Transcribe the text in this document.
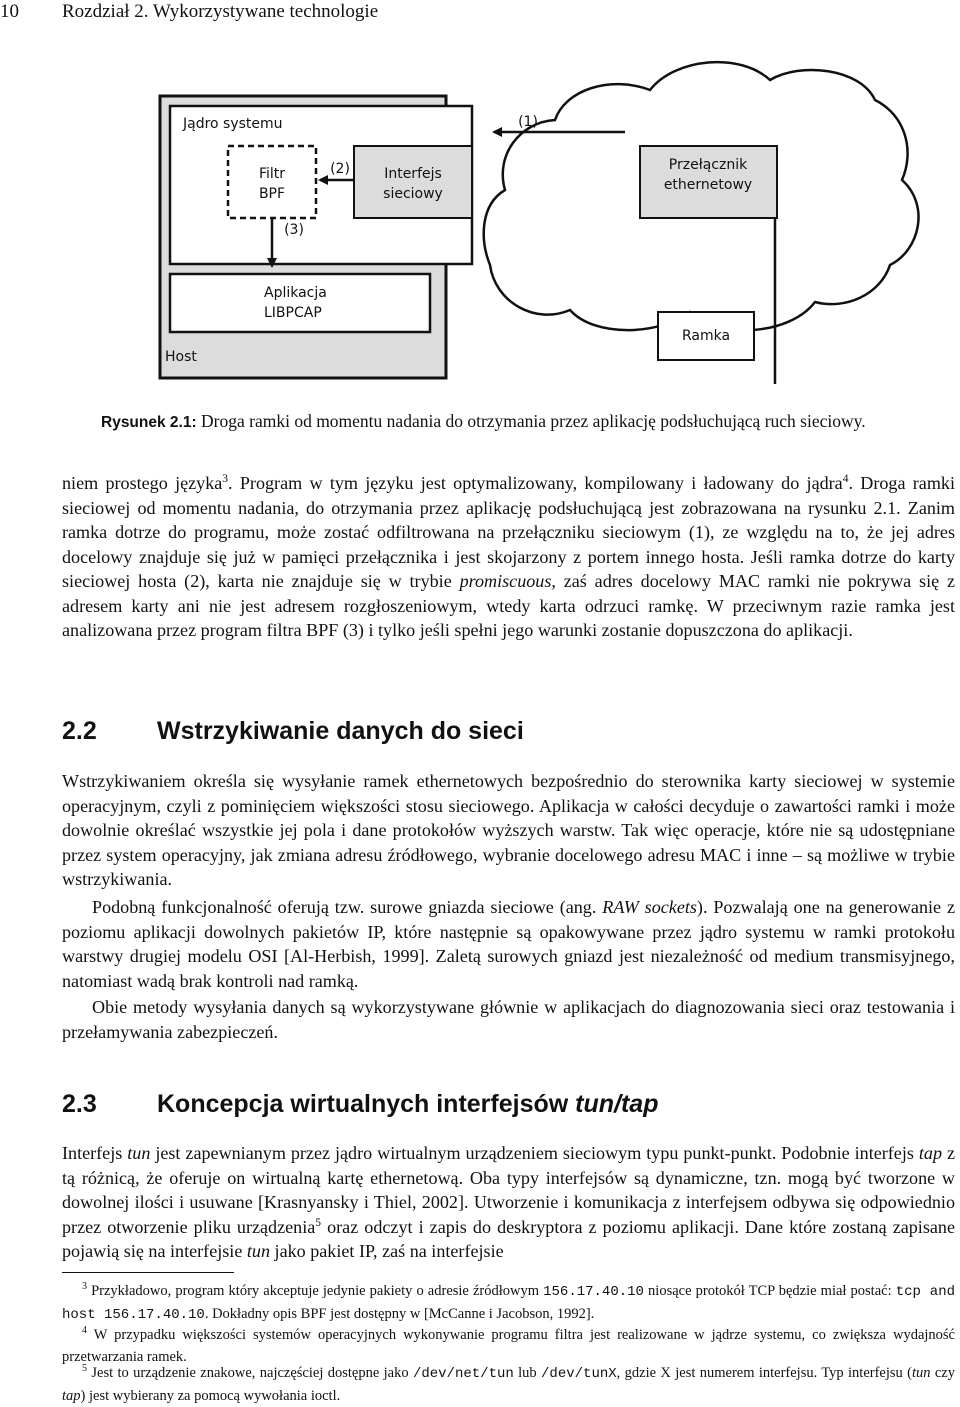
10 Rozdział 2. Wykorzystywane technologie
Jądro systemu
Filtr
BPF
Interfejs
sieciowy
Przełącznik
ethernetowy
Aplikacja
LIBPCAP
Host
Ramka
(1)
(2)
(3)
Rysunek 2.1: Droga ramki od momentu nadania do otrzymania przez aplikację podsłuchującą ruch sieciowy.

niem prostego języka$^3$. Program w tym języku jest optymalizowany, kompilowany i ładowany do jądra$^4$. Droga ramki sieciowej od momentu nadania, do otrzymania przez aplikację podsłuchującą jest zobrazowana na rysunku 2.1. Zanim ramka dotrze do programu, może zostać odfiltrowana na przełączniku sieciowym (1), ze względu na to, że jej adres docelowy znajduje się już w pamięci przełącznika i jest skojarzony z portem innego hosta. Jeśli ramka dotrze do karty sieciowej hosta (2), karta nie znajduje się w trybie promiscuous, zaś adres docelowy MAC ramki nie pokrywa się z adresem karty ani nie jest adresem rozgłoszeniowym, wtedy karta odrzuci ramkę. W przeciwnym razie ramka jest analizowana przez program filtra BPF (3) i tylko jeśli spełni jego warunki zostanie dopuszczona do aplikacji.

2.2 Wstrzykiwanie danych do sieci

Wstrzykiwaniem określa się wysyłanie ramek ethernetowych bezpośrednio do sterownika karty sieciowej w systemie operacyjnym, czyli z pominięciem większości stosu sieciowego. Aplikacja w całości decyduje o zawartości ramki i może dowolnie określać wszystkie jej pola i dane protokołów wyższych warstw. Tak więc operacje, które nie są udostępniane przez system operacyjny, jak zmiana adresu źródłowego, wybranie docelowego adresu MAC i inne – są możliwe w trybie wstrzykiwania.

Podobną funkcjonalność oferują tzw. surowe gniazda sieciowe (ang. RAW sockets). Pozwalają one na generowanie z poziomu aplikacji dowolnych pakietów IP, które następnie są opakowywane przez jądro systemu w ramki protokołu warstwy drugiej modelu OSI [Al-Herbish, 1999]. Zaletą surowych gniazd jest niezależność od medium transmisyjnego, natomiast wadą brak kontroli nad ramką.

Obie metody wysyłania danych są wykorzystywane głównie w aplikacjach do diagnozowania sieci oraz testowania i przełamywania zabezpieczeń.

2.3 Koncepcja wirtualnych interfejsów tun/tap

Interfejs tun jest zapewnianym przez jądro wirtualnym urządzeniem sieciowym typu punkt-punkt. Podobnie interfejs tap z tą różnicą, że oferuje on wirtualną kartę ethernetową. Oba typy interfejsów są dynamiczne, tzn. mogą być tworzone w dowolnej ilości i usuwane [Krasnyansky i Thiel, 2002]. Utworzenie i komunikacja z interfejsem odbywa się odpowiednio przez otworzenie pliku urządzenia$^5$ oraz odczyt i zapis do deskryptora z poziomu aplikacji. Dane które zostaną zapisane pojawią się na interfejsie tun jako pakiet IP, zaś na interfejsie

$^3$ Przykładowo, program który akceptuje jedynie pakiety o adresie źródłowym 156.17.40.10 niosące protokół TCP będzie miał postać: tcp and host 156.17.40.10. Dokładny opis BPF jest dostępny w [McCanne i Jacobson, 1992].

$^4$ W przypadku większości systemów operacyjnych wykonywanie programu filtra jest realizowane w jądrze systemu, co zwiększa wydajność przetwarzania ramek.

$^5$ Jest to urządzenie znakowe, najczęściej dostępne jako /dev/net/tun lub /dev/tunX, gdzie X jest numerem interfejsu. Typ interfejsu (tun czy tap) jest wybierany za pomocą wywołania ioctl.
